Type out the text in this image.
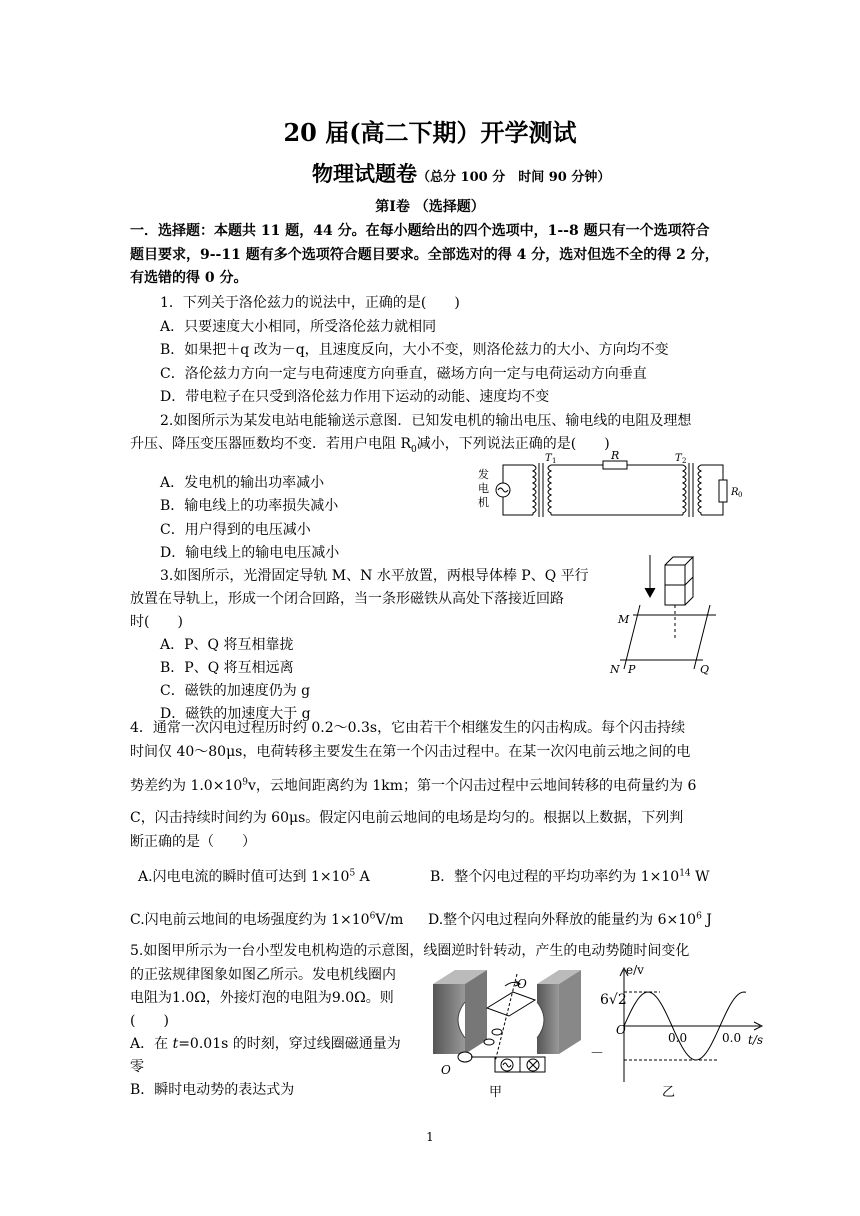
20 届(高二下期）开学测试
物理试题卷（总分 100 分　时间 90 分钟）
第Ⅰ卷 （选择题）
一．选择题：本题共 11 题，44 分。在每小题给出的四个选项中，1--8 题只有一个选项符合
题目要求，9--11 题有多个选项符合题目要求。全部选对的得 4 分，选对但选不全的得 2 分，
有选错的得 0 分。
1．下列关于洛伦兹力的说法中，正确的是(　　)
A．只要速度大小相同，所受洛伦兹力就相同
B．如果把＋q 改为－q，且速度反向，大小不变，则洛伦兹力的大小、方向均不变
C．洛伦兹力方向一定与电荷速度方向垂直，磁场方向一定与电荷运动方向垂直
D．带电粒子在只受到洛伦兹力作用下运动的动能、速度均不变
2.如图所示为某发电站电能输送示意图．已知发电机的输出电压、输电线的电阻及理想
升压、降压变压器匝数均不变．若用户电阻 $R_0$减小，下列说法正确的是(　　)
A．发电机的输出功率减小
B．输电线上的功率损失减小
C．用户得到的电压减小
D．输电线上的输电电压减小
发
电
机
T 1	R	T 2
R 0
3.如图所示，光滑固定导轨 M、N 水平放置，两根导体棒 P、Q 平行
放置在导轨上，形成一个闭合回路，当一条形磁铁从高处下落接近回路
时(　　)
A．P、Q 将互相靠拢
B．P、Q 将互相远离
C．磁铁的加速度仍为 g
D．磁铁的加速度大于 g
M
N P	Q
4．通常一次闪电过程历时约 0.2～0.3s，它由若干个相继发生的闪击构成。每个闪击持续
时间仅 40～80μs，电荷转移主要发生在第一个闪击过程中。在某一次闪电前云地之间的电
势差约为 $1.0\times 10^9v$，云地间距离约为 1km；第一个闪击过程中云地间转移的电荷量约为 6
C，闪击持续时间约为 60μs。假定闪电前云地间的电场是均匀的。根据以上数据，下列判
断正确的是（　　）
A.闪电电流的瞬时值可达到 $1\times 10^5$ A	B．整个闪电过程的平均功率约为 $1\times 10^{14}$ W
C.闪电前云地间的电场强度约为 $1\times 10^6V/m$ D.整个闪电过程向外释放的能量约为 $6\times 10^6$ J
5.如图甲所示为一台小型发电机构造的示意图，线圈逆时针转动，产生的电动势随时间变化
的正弦规律图象如图乙所示。发电机线圈内
电阻为1.0Ω，外接灯泡的电阻为9.0Ω。则
(　　)
A．在 t=0.01s 的时刻，穿过线圈磁通量为
零
B．瞬时电动势的表达式为
－
O
O
甲
e/v
6√2
O
0.0	0.0 t/s
乙
1
